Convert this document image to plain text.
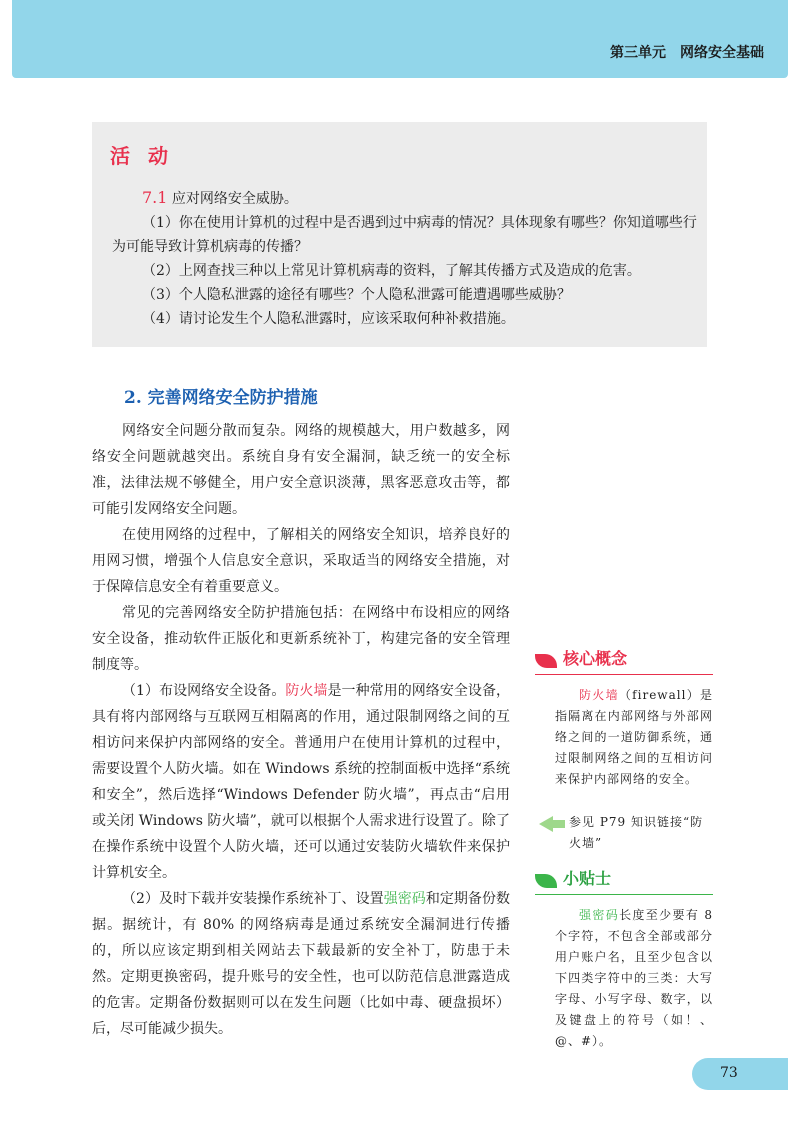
第三单元　网络安全基础
活动

7.1 应对网络安全威胁。

（1）你在使用计算机的过程中是否遇到过中病毒的情况？具体现象有哪些？你知道哪些行为可能导致计算机病毒的传播？

（2）上网查找三种以上常见计算机病毒的资料，了解其传播方式及造成的危害。

（3）个人隐私泄露的途径有哪些？个人隐私泄露可能遭遇哪些威胁？

（4）请讨论发生个人隐私泄露时，应该采取何种补救措施。

2. 完善网络安全防护措施

网络安全问题分散而复杂。网络的规模越大，用户数越多，网络安全问题就越突出。系统自身有安全漏洞，缺乏统一的安全标准，法律法规不够健全，用户安全意识淡薄，黑客恶意攻击等，都可能引发网络安全问题。

在使用网络的过程中，了解相关的网络安全知识，培养良好的用网习惯，增强个人信息安全意识，采取适当的网络安全措施，对于保障信息安全有着重要意义。

常见的完善网络安全防护措施包括：在网络中布设相应的网络安全设备，推动软件正版化和更新系统补丁，构建完备的安全管理制度等。

（1）布设网络安全设备。防火墙是一种常用的网络安全设备，具有将内部网络与互联网互相隔离的作用，通过限制网络之间的互相访问来保护内部网络的安全。普通用户在使用计算机的过程中，需要设置个人防火墙。如在 Windows 系统的控制面板中选择“系统和安全”，然后选择“Windows Defender 防火墙”，再点击“启用或关闭 Windows 防火墙”，就可以根据个人需求进行设置了。除了在操作系统中设置个人防火墙，还可以通过安装防火墙软件来保护计算机安全。

（2）及时下载并安装操作系统补丁、设置强密码和定期备份数据。据统计，有 80% 的网络病毒是通过系统安全漏洞进行传播的，所以应该定期到相关网站去下载最新的安全补丁，防患于未然。定期更换密码，提升账号的安全性，也可以防范信息泄露造成的危害。定期备份数据则可以在发生问题（比如中毒、硬盘损坏）后，尽可能减少损失。

核心概念

防火墙（firewall）是指隔离在内部网络与外部网络之间的一道防御系统，通过限制网络之间的互相访问来保护内部网络的安全。

参见 P79 知识链接“防火墙”
小贴士

强密码长度至少要有 8 个字符，不包含全部或部分用户账户名，且至少包含以下四类字符中的三类：大写字母、小写字母、数字，以及键盘上的符号（如！、@、#）。

73
